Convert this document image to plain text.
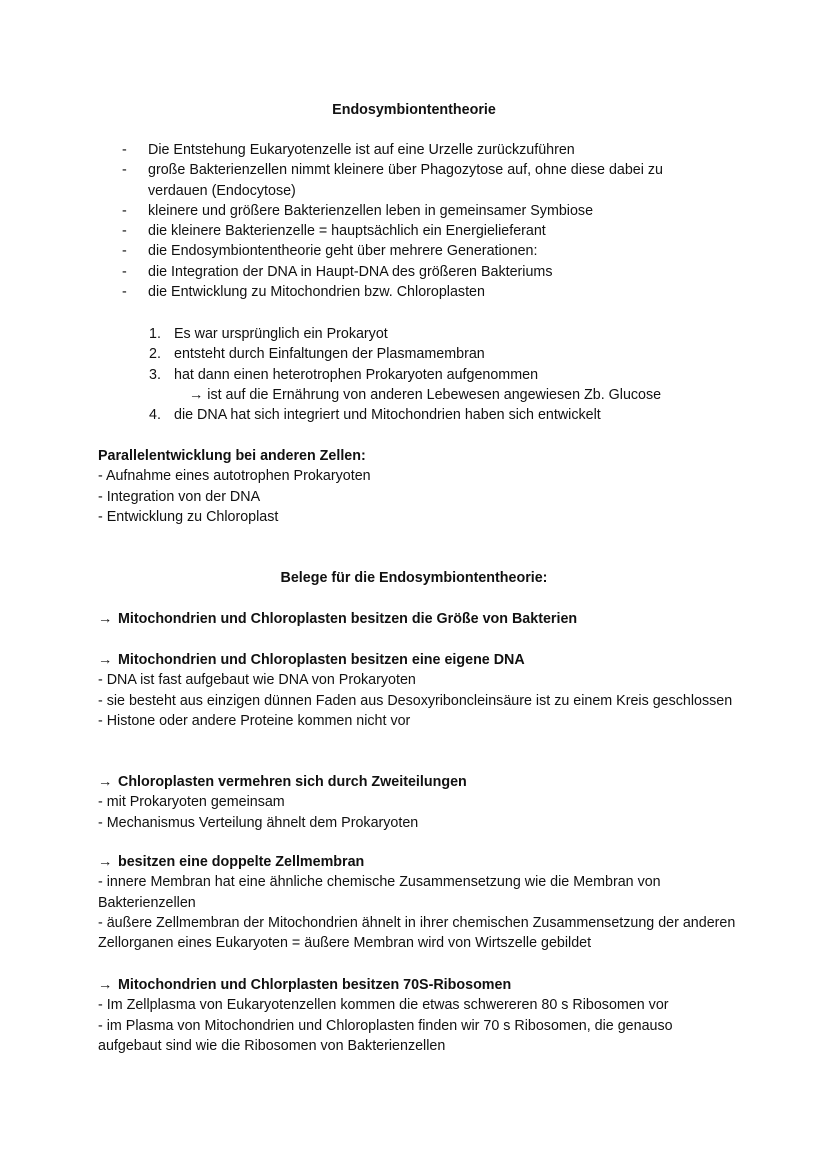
Endosymbiontentheorie
- Die Entstehung Eukaryotenzelle ist auf eine Urzelle zurückzuführen
- große Bakterienzellen nimmt kleinere über Phagozytose auf, ohne diese dabei zu verdauen (Endocytose)
- kleinere und größere Bakterienzellen leben in gemeinsamer Symbiose
- die kleinere Bakterienzelle = hauptsächlich ein Energielieferant
- die Endosymbiontentheorie geht über mehrere Generationen:
- die Integration der DNA in Haupt-DNA des größeren Bakteriums
- die Entwicklung zu Mitochondrien bzw. Chloroplasten
1. Es war ursprünglich ein Prokaryot
2. entsteht durch Einfaltungen der Plasmamembran
3. hat dann einen heterotrophen Prokaryoten aufgenommen
→ ist auf die Ernährung von anderen Lebewesen angewiesen Zb. Glucose
4. die DNA hat sich integriert und Mitochondrien haben sich entwickelt
Parallelentwicklung bei anderen Zellen:
- Aufnahme eines autotrophen Prokaryoten
- Integration von der DNA
- Entwicklung zu Chloroplast
Belege für die Endosymbiontentheorie:
→ Mitochondrien und Chloroplasten besitzen die Größe von Bakterien
→ Mitochondrien und Chloroplasten besitzen eine eigene DNA
- DNA ist fast aufgebaut wie DNA von Prokaryoten
- sie besteht aus einzigen dünnen Faden aus Desoxyriboncleinsäure ist zu einem Kreis geschlossen
- Histone oder andere Proteine kommen nicht vor
→ Chloroplasten vermehren sich durch Zweiteilungen
- mit Prokaryoten gemeinsam
- Mechanismus Verteilung ähnelt dem Prokaryoten
→ besitzen eine doppelte Zellmembran
- innere Membran hat eine ähnliche chemische Zusammensetzung wie die Membran von Bakterienzellen
- äußere Zellmembran der Mitochondrien ähnelt in ihrer chemischen Zusammensetzung der anderen Zellorganen eines Eukaryoten = äußere Membran wird von Wirtszelle gebildet
→ Mitochondrien und Chlorplasten besitzen 70S-Ribosomen
- Im Zellplasma von Eukaryotenzellen kommen die etwas schwereren 80 s Ribosomen vor
- im Plasma von Mitochondrien und Chloroplasten finden wir 70 s Ribosomen, die genauso aufgebaut sind wie die Ribosomen von Bakterienzellen
